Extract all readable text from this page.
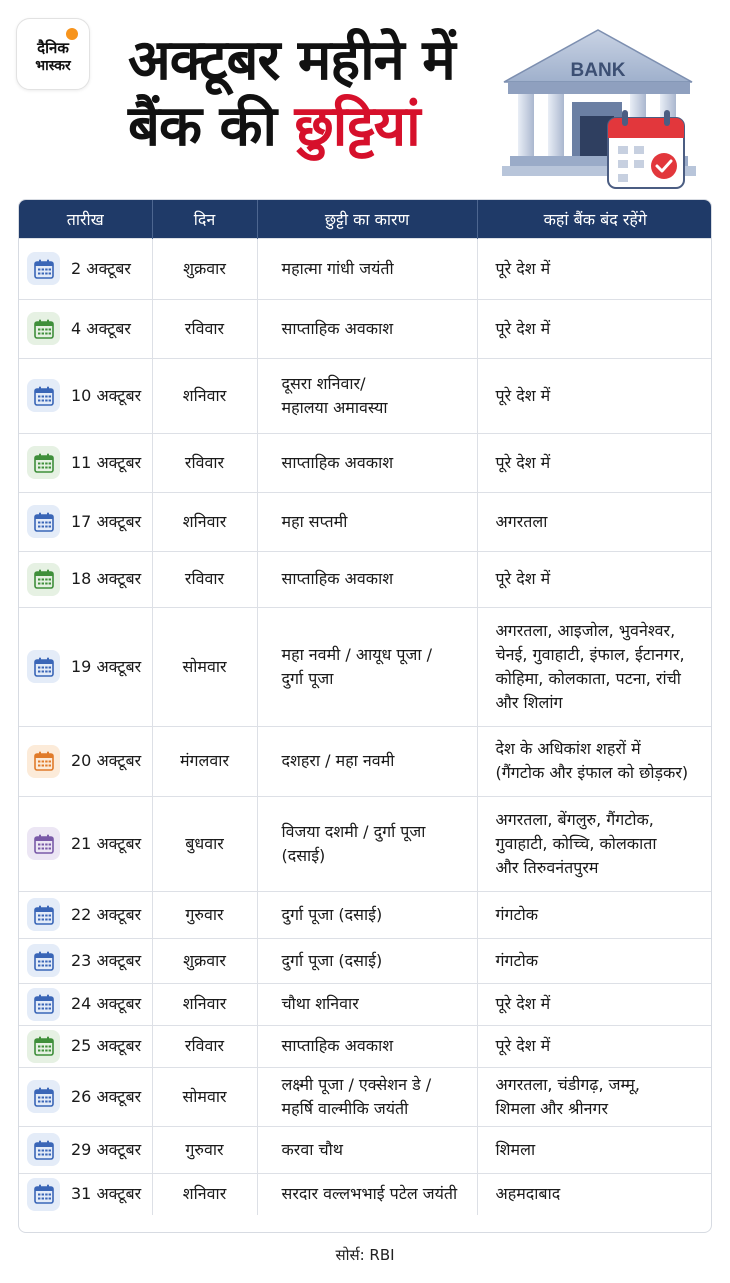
दैनिक
भास्कर अक्टूबर महीने में
बैंक की छुट्टियां
BANK
तारीख	दिन	छुट्टी का कारण	कहां बैंक बंद रहेंगे

2 अक्टूबर	शुक्रवार	महात्मा गांधी जयंती	पूरे देश में

4 अक्टूबर	रविवार	साप्ताहिक अवकाश	पूरे देश में

10 अक्टूबर	शनिवार	दूसरा शनिवार/
महालया अमावस्या	पूरे देश में

11 अक्टूबर	रविवार	साप्ताहिक अवकाश	पूरे देश में

17 अक्टूबर	शनिवार	महा सप्तमी	अगरतला

18 अक्टूबर	रविवार	साप्ताहिक अवकाश	पूरे देश में

19 अक्टूबर	सोमवार	महा नवमी / आयूध पूजा /
दुर्गा पूजा	अगरतला, आइजोल, भुवनेश्वर,
चेनई, गुवाहाटी, इंफाल, ईटानगर,
कोहिमा, कोलकाता, पटना, रांची
और शिलांग

20 अक्टूबर	मंगलवार	दशहरा / महा नवमी	देश के अधिकांश शहरों में
(गैंगटोक और इंफाल को छोड़कर)

21 अक्टूबर	बुधवार	विजया दशमी / दुर्गा पूजा
(दसाई)	अगरतला, बेंगलुरु, गैंगटोक,
गुवाहाटी, कोच्चि, कोलकाता
और तिरुवनंतपुरम

22 अक्टूबर	गुरुवार	दुर्गा पूजा (दसाई)	गंगटोक

23 अक्टूबर	शुक्रवार	दुर्गा पूजा (दसाई)	गंगटोक

24 अक्टूबर	शनिवार	चौथा शनिवार	पूरे देश में

25 अक्टूबर	रविवार	साप्ताहिक अवकाश	पूरे देश में

26 अक्टूबर	सोमवार	लक्ष्मी पूजा / एक्सेशन डे /
महर्षि वाल्मीकि जयंती	अगरतला, चंडीगढ़, जम्मू,
शिमला और श्रीनगर

29 अक्टूबर	गुरुवार	करवा चौथ	शिमला

31 अक्टूबर	शनिवार	सरदार वल्लभभाई पटेल जयंती	अहमदाबाद
सोर्स: RBI
